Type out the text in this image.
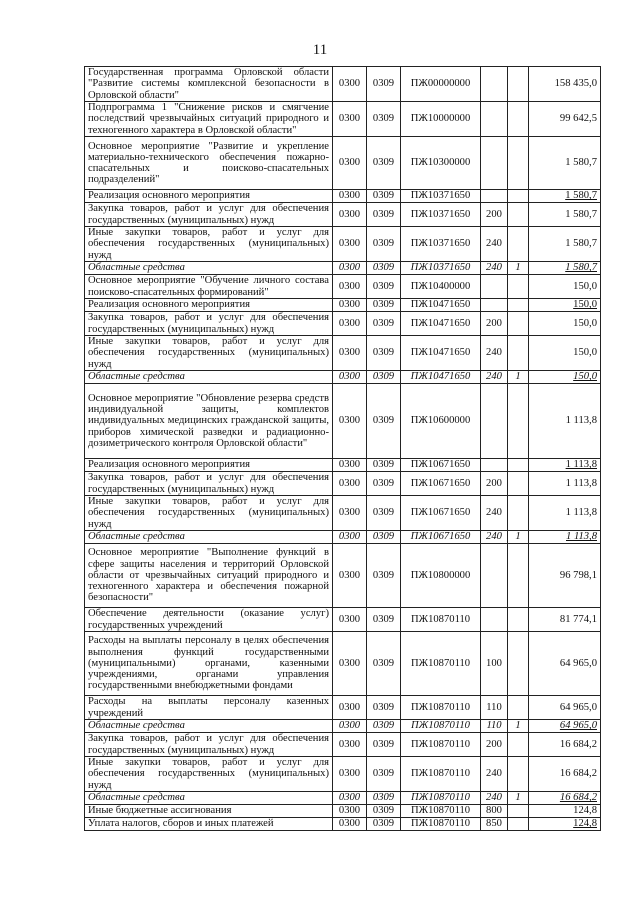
11
Государственная программа Орловской области "Развитие системы комплексной безопасности в Орловской области"	0300	0309	ПЖ00000000			158 435,0
Подпрограмма 1 "Снижение рисков и смягчение последствий чрезвычайных ситуаций природного и техногенного характера в Орловской области"	0300	0309	ПЖ10000000			99 642,5
Основное мероприятие "Развитие и укрепление материально-технического обеспечения пожарно-спасательных и поисково-спасательных подразделений"	0300	0309	ПЖ10300000			1 580,7
Реализация основного мероприятия	0300	0309	ПЖ10371650			1 580,7
Закупка товаров, работ и услуг для обеспечения государственных (муниципальных) нужд	0300	0309	ПЖ10371650	200		1 580,7
Иные закупки товаров, работ и услуг для обеспечения государственных (муниципальных) нужд	0300	0309	ПЖ10371650	240		1 580,7
Областные средства	0300	0309	ПЖ10371650	240	1	1 580,7
Основное мероприятие "Обучение личного состава поисково-спасательных формирований"	0300	0309	ПЖ10400000			150,0
Реализация основного мероприятия	0300	0309	ПЖ10471650			150,0
Закупка товаров, работ и услуг для обеспечения государственных (муниципальных) нужд	0300	0309	ПЖ10471650	200		150,0
Иные закупки товаров, работ и услуг для обеспечения государственных (муниципальных) нужд	0300	0309	ПЖ10471650	240		150,0
Областные средства	0300	0309	ПЖ10471650	240	1	150,0
Основное мероприятие "Обновление резерва средств индивидуальной защиты, комплектов индивидуальных медицинских гражданской защиты, приборов химической разведки и радиационно-дозиметрического контроля Орловской области"	0300	0309	ПЖ10600000			1 113,8
Реализация основного мероприятия	0300	0309	ПЖ10671650			1 113,8
Закупка товаров, работ и услуг для обеспечения государственных (муниципальных) нужд	0300	0309	ПЖ10671650	200		1 113,8
Иные закупки товаров, работ и услуг для обеспечения государственных (муниципальных) нужд	0300	0309	ПЖ10671650	240		1 113,8
Областные средства	0300	0309	ПЖ10671650	240	1	1 113,8
Основное мероприятие "Выполнение функций в сфере защиты населения и территорий Орловской области от чрезвычайных ситуаций природного и техногенного характера и обеспечения пожарной безопасности"	0300	0309	ПЖ10800000			96 798,1
Обеспечение деятельности (оказание услуг) государственных учреждений	0300	0309	ПЖ10870110			81 774,1
Расходы на выплаты персоналу в целях обеспечения выполнения функций государственными (муниципальными) органами, казенными учреждениями, органами управления государственными внебюджетными фондами	0300	0309	ПЖ10870110	100		64 965,0
Расходы на выплаты персоналу казенных учреждений	0300	0309	ПЖ10870110	110		64 965,0
Областные средства	0300	0309	ПЖ10870110	110	1	64 965,0
Закупка товаров, работ и услуг для обеспечения государственных (муниципальных) нужд	0300	0309	ПЖ10870110	200		16 684,2
Иные закупки товаров, работ и услуг для обеспечения государственных (муниципальных) нужд	0300	0309	ПЖ10870110	240		16 684,2
Областные средства	0300	0309	ПЖ10870110	240	1	16 684,2
Иные бюджетные ассигнования	0300	0309	ПЖ10870110	800		124,8
Уплата налогов, сборов и иных платежей	0300	0309	ПЖ10870110	850		124,8
